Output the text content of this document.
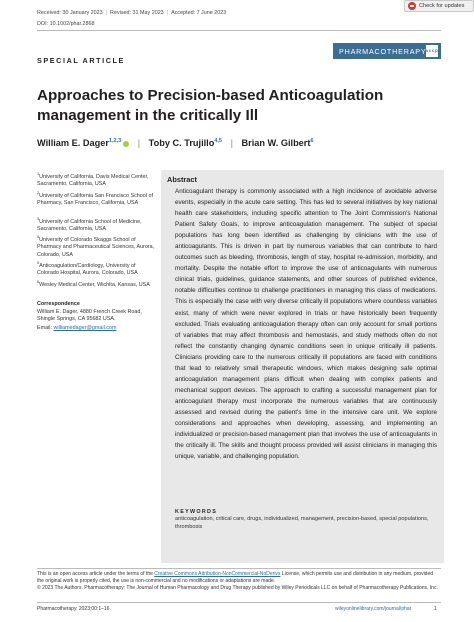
Received: 30 January 2023 | Revised: 31 May 2023 | Accepted: 7 June 2023
DOI: 10.1002/phar.2868
Check for updates
SPECIAL ARTICLE
PHARMACOTHERAPY
accp
Approaches to Precision-based Anticoagulation management in the critically Ill
William E. Dager$^{1,2,3}$ | Toby C. Trujillo$^{4,5}$ | Brian W. Gilbert$^6$
$^1$University of California, Davis Medical Center, Sacramento, California, USA
$^2$University of California San Francisco School of Pharmacy, San Francisco, California, USA
$^3$University of California School of Medicine, Sacramento, California, USA
$^4$University of Colorado Skaggs School of Pharmacy and Pharmaceutical Sciences, Aurora, Colorado, USA
$^5$Anticoagulation/Cardiology, University of Colorado Hospital, Aurora, Colorado, USA
$^6$Wesley Medical Center, Wichita, Kansas, USA
Correspondence
William E. Dager, 4880 French Creek Road, Shingle Springs, CA 95682 USA.
Email: williamedager@gmail.com
Abstract
Anticoagulant therapy is commonly associated with a high incidence of avoidable adverse events, especially in the acute care setting. This has led to several initiatives by key national health care stakeholders, including specific attention to The Joint Commission's National Patient Safety Goals, to improve anticoagulation management. The subject of special populations has long been identified as challenging by clinicians with the use of anticoagulants. This is driven in part by numerous variables that can contribute to hard outcomes such as bleeding, thrombosis, length of stay, hospital re-admission, morbidity, and mortality. Despite the notable effort to improve the use of anticoagulants with numerous clinical trials, guidelines, guidance statements, and other sources of published evidence, notable difficulties continue to challenge practitioners in managing this class of medications. This is especially the case with very diverse critically ill populations where countless variables exist, many of which were never explored in trials or have historically been frequently excluded. Trials evaluating anticoagulation therapy often can only account for small portions of variables that may affect thrombosis and hemostasis, and study methods often do not reflect the constantly changing dynamic conditions seen in unique critically ill patients. Clinicians providing care to the numerous critically ill populations are faced with conditions that lead to relatively small therapeutic windows, which makes designing safe optimal anticoagulation management plans difficult when dealing with complex patients and mechanical support devices. The approach to crafting a successful management plan for anticoagulant therapy must incorporate the numerous variables that are continuously assessed and revised during the patient's time in the intensive care unit. We explore considerations and approaches when developing, assessing, and implementing an individualized or precision-based management plan that involves the use of anticoagulants in the critically ill. The skills and thought process provided will assist clinicians in managing this unique, variable, and challenging population.
KEYWORDS
anticoagulation, critical care, drugs, individualized, management, precision-based, special populations, thrombosis
This is an open access article under the terms of the Creative Commons Attribution-NonCommercial-NoDerivs License, which permits use and distribution in any medium, provided the original work is properly cited, the use is non-commercial and no modifications or adaptations are made.
© 2023 The Authors. Pharmacotherapy: The Journal of Human Pharmacology and Drug Therapy published by Wiley Periodicals LLC on behalf of Pharmacotherapy Publications, Inc.
Pharmacotherapy. 2023;00:1–16.	wileyonlinelibrary.com/journal/phar	1
